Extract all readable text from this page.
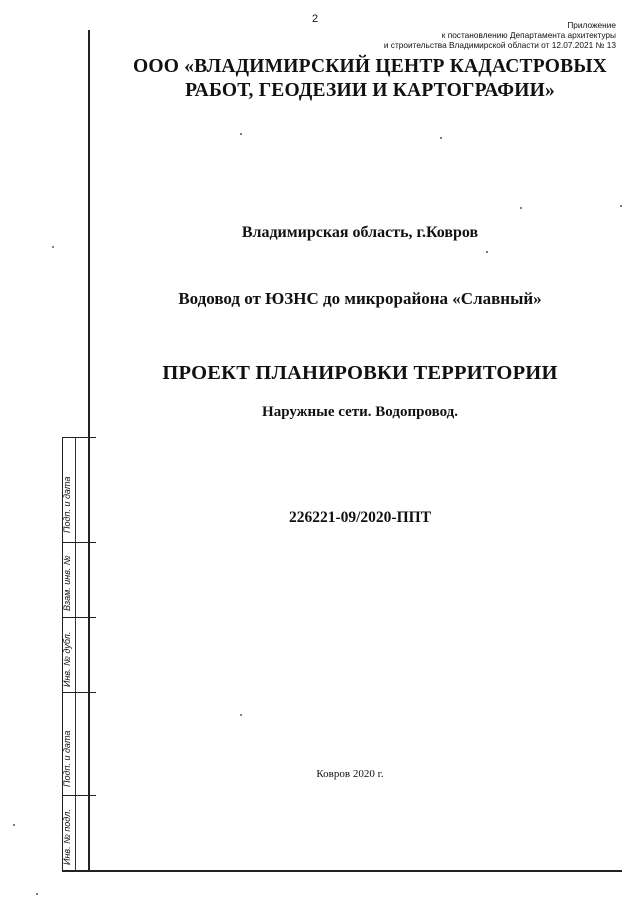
2	Приложение
к постановлению Департамента архитектуры
и строительства Владимирской области от 12.07.2021 № 13
Подп. и дата
Взам. инв. №
Инв. № дубл.
Подп. и дата
Инв. № подл.
ООО «ВЛАДИМИРСКИЙ ЦЕНТР КАДАСТРОВЫХ
РАБОТ, ГЕОДЕЗИИ И КАРТОГРАФИИ»
Владимирская область, г.Ковров
Водовод от ЮЗНС до микрорайона «Славный»
ПРОЕКТ ПЛАНИРОВКИ ТЕРРИТОРИИ
Наружные сети. Водопровод.
226221-09/2020-ППТ
Ковров 2020 г.
